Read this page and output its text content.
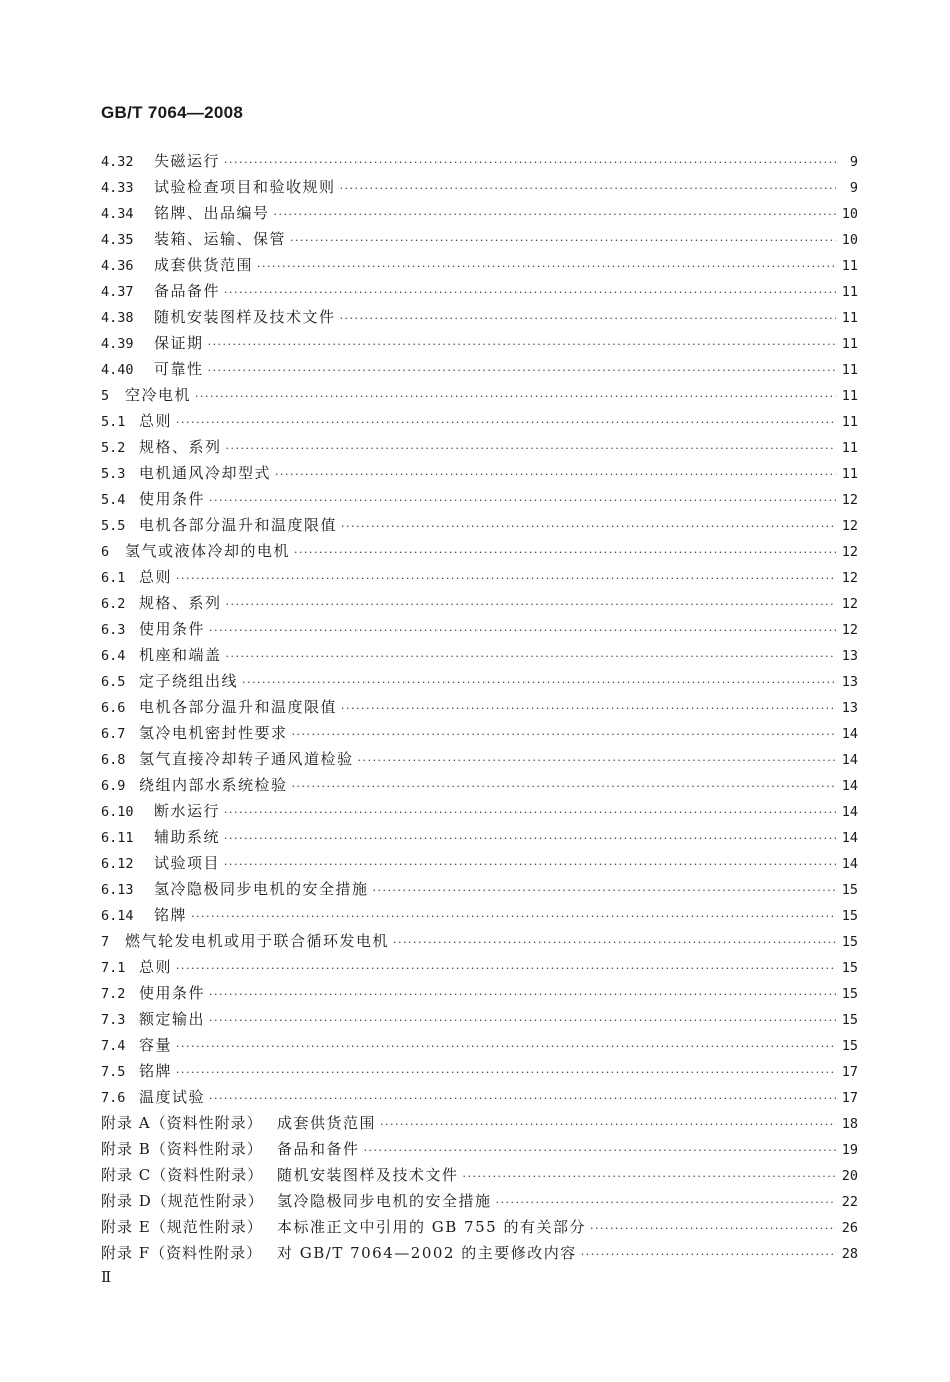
GB/T 7064—2008
4.32	失磁运行 ·····	9
4.33	试验检查项目和验收规则 ·····	9
4.34	铭牌、出品编号 ·····	10
4.35	装箱、运输、保管 ·····	10
4.36	成套供货范围 ·····	11
4.37	备品备件 ·····	11
4.38	随机安装图样及技术文件 ·····	11
4.39	保证期 ·····	11
4.40	可靠性 ·····	11
5	空冷电机 ·····	11
5.1 总则 ·····	11
5.2 规格、系列 ·····	11
5.3 电机通风冷却型式 ·····	11
5.4 使用条件 ·····	12
5.5 电机各部分温升和温度限值 ·····	12
6	氢气或液体冷却的电机 ·····	12
6.1 总则 ·····	12
6.2 规格、系列 ·····	12
6.3 使用条件 ·····	12
6.4 机座和端盖 ·····	13
6.5 定子绕组出线 ·····	13
6.6 电机各部分温升和温度限值 ·····	13
6.7 氢冷电机密封性要求 ·····	14
6.8 氢气直接冷却转子通风道检验 ·····	14
6.9 绕组内部水系统检验 ·····	14
6.10	断水运行 ·····	14
6.11	辅助系统 ·····	14
6.12	试验项目 ·····	14
6.13	氢冷隐极同步电机的安全措施 ·····	15
6.14	铭牌 ·····	15
7	燃气轮发电机或用于联合循环发电机 ·····	15
7.1 总则 ·····	15
7.2 使用条件 ·····	15
7.3 额定输出 ·····	15
7.4 容量 ·····	15
7.5 铭牌 ·····	17
7.6 温度试验 ·····	17
附录 A（资料性附录） 成套供货范围 ·····	18
附录 B（资料性附录） 备品和备件 ·····	19
附录 C（资料性附录） 随机安装图样及技术文件 ·····	20
附录 D（规范性附录） 氢冷隐极同步电机的安全措施 ·····	22
附录 E（规范性附录） 本标准正文中引用的 GB 755 的有关部分 ·····	26
附录 F（资料性附录） 对 GB/T 7064—2002 的主要修改内容 ·····	28
Ⅱ
